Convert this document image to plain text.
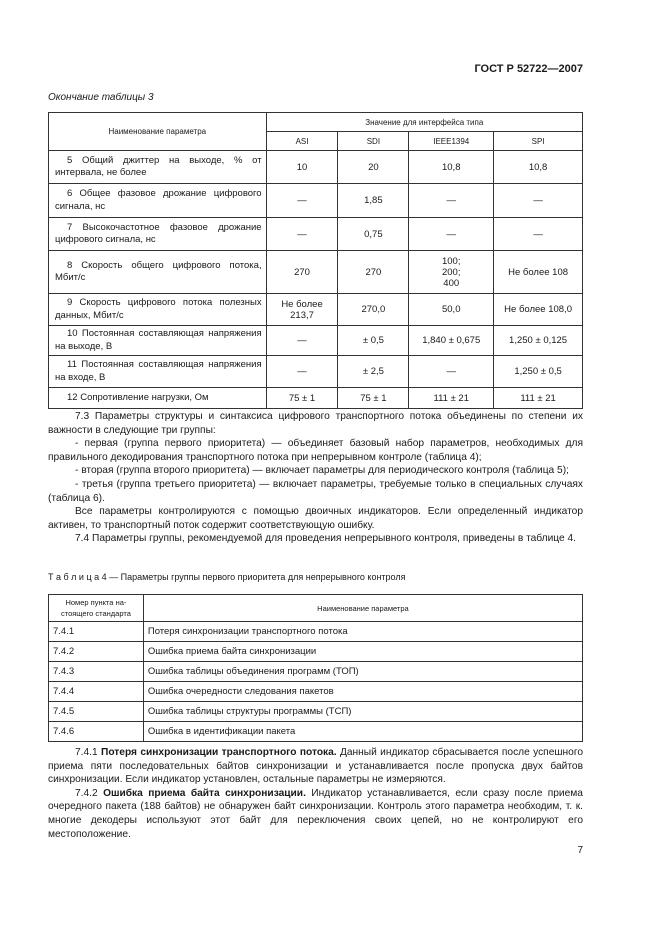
ГОСТ Р 52722—2007
Окончание таблицы 3
Наименование параметра	Значение для интерфейса типа			
	ASI	SDI	IEEE1394	SPI

5 Общий джиттер на выходе, % от интервала, не более	10	20	10,8	10,8

6 Общее фазовое дрожание цифрового сигнала, нс	—	1,85	—	—

7 Высокочастотное фазовое дрожание цифрового сигнала, нс	—	0,75	—	—

8 Скорость общего цифрового потока, Мбит/с	270	270	100;
200;
400	Не более 108

9 Скорость цифрового потока полезных данных, Мбит/с	Не более
213,7	270,0	50,0	Не более 108,0

10 Постоянная составляющая напряжения на выходе, В	—	± 0,5	1,840 ± 0,675	1,250 ± 0,125

11 Постоянная составляющая напряжения на входе, В	—	± 2,5	—	1,250 ± 0,5

12 Сопротивление нагрузки, Ом	75 ± 1	75 ± 1	111 ± 21	111 ± 21

7.3 Параметры структуры и синтаксиса цифрового транспортного потока объединены по степени их важности в следующие три группы:

- первая (группа первого приоритета) — объединяет базовый набор параметров, необходимых для правильного декодирования транспортного потока при непрерывном контроле (таблица 4);

- вторая (группа второго приоритета) — включает параметры для периодического контроля (таблица 5);

- третья (группа третьего приоритета) — включает параметры, требуемые только в специальных случаях (таблица 6).

Все параметры контролируются с помощью двоичных индикаторов. Если определенный индикатор активен, то транспортный поток содержит соответствующую ошибку.

7.4 Параметры группы, рекомендуемой для проведения непрерывного контроля, приведены в таблице 4.

Т а б л и ц а 4 — Параметры группы первого приоритета для непрерывного контроля
Номер пункта на-
стоящего стандарта	Наименование параметра
7.4.1	Потеря синхронизации транспортного потока
7.4.2	Ошибка приема байта синхронизации
7.4.3	Ошибка таблицы объединения программ (ТОП)
7.4.4	Ошибка очередности следования пакетов
7.4.5	Ошибка таблицы структуры программы (ТСП)
7.4.6	Ошибка в идентификации пакета

7.4.1 Потеря синхронизации транспортного потока. Данный индикатор сбрасывается после успешного приема пяти последовательных байтов синхронизации и устанавливается после пропуска двух байтов синхронизации. Если индикатор установлен, остальные параметры не измеряются.

7.4.2 Ошибка приема байта синхронизации. Индикатор устанавливается, если сразу после приема очередного пакета (188 байтов) не обнаружен байт синхронизации. Контроль этого параметра необходим, т. к. многие декодеры используют этот байт для переключения своих цепей, но не контролируют его местоположение.

7
